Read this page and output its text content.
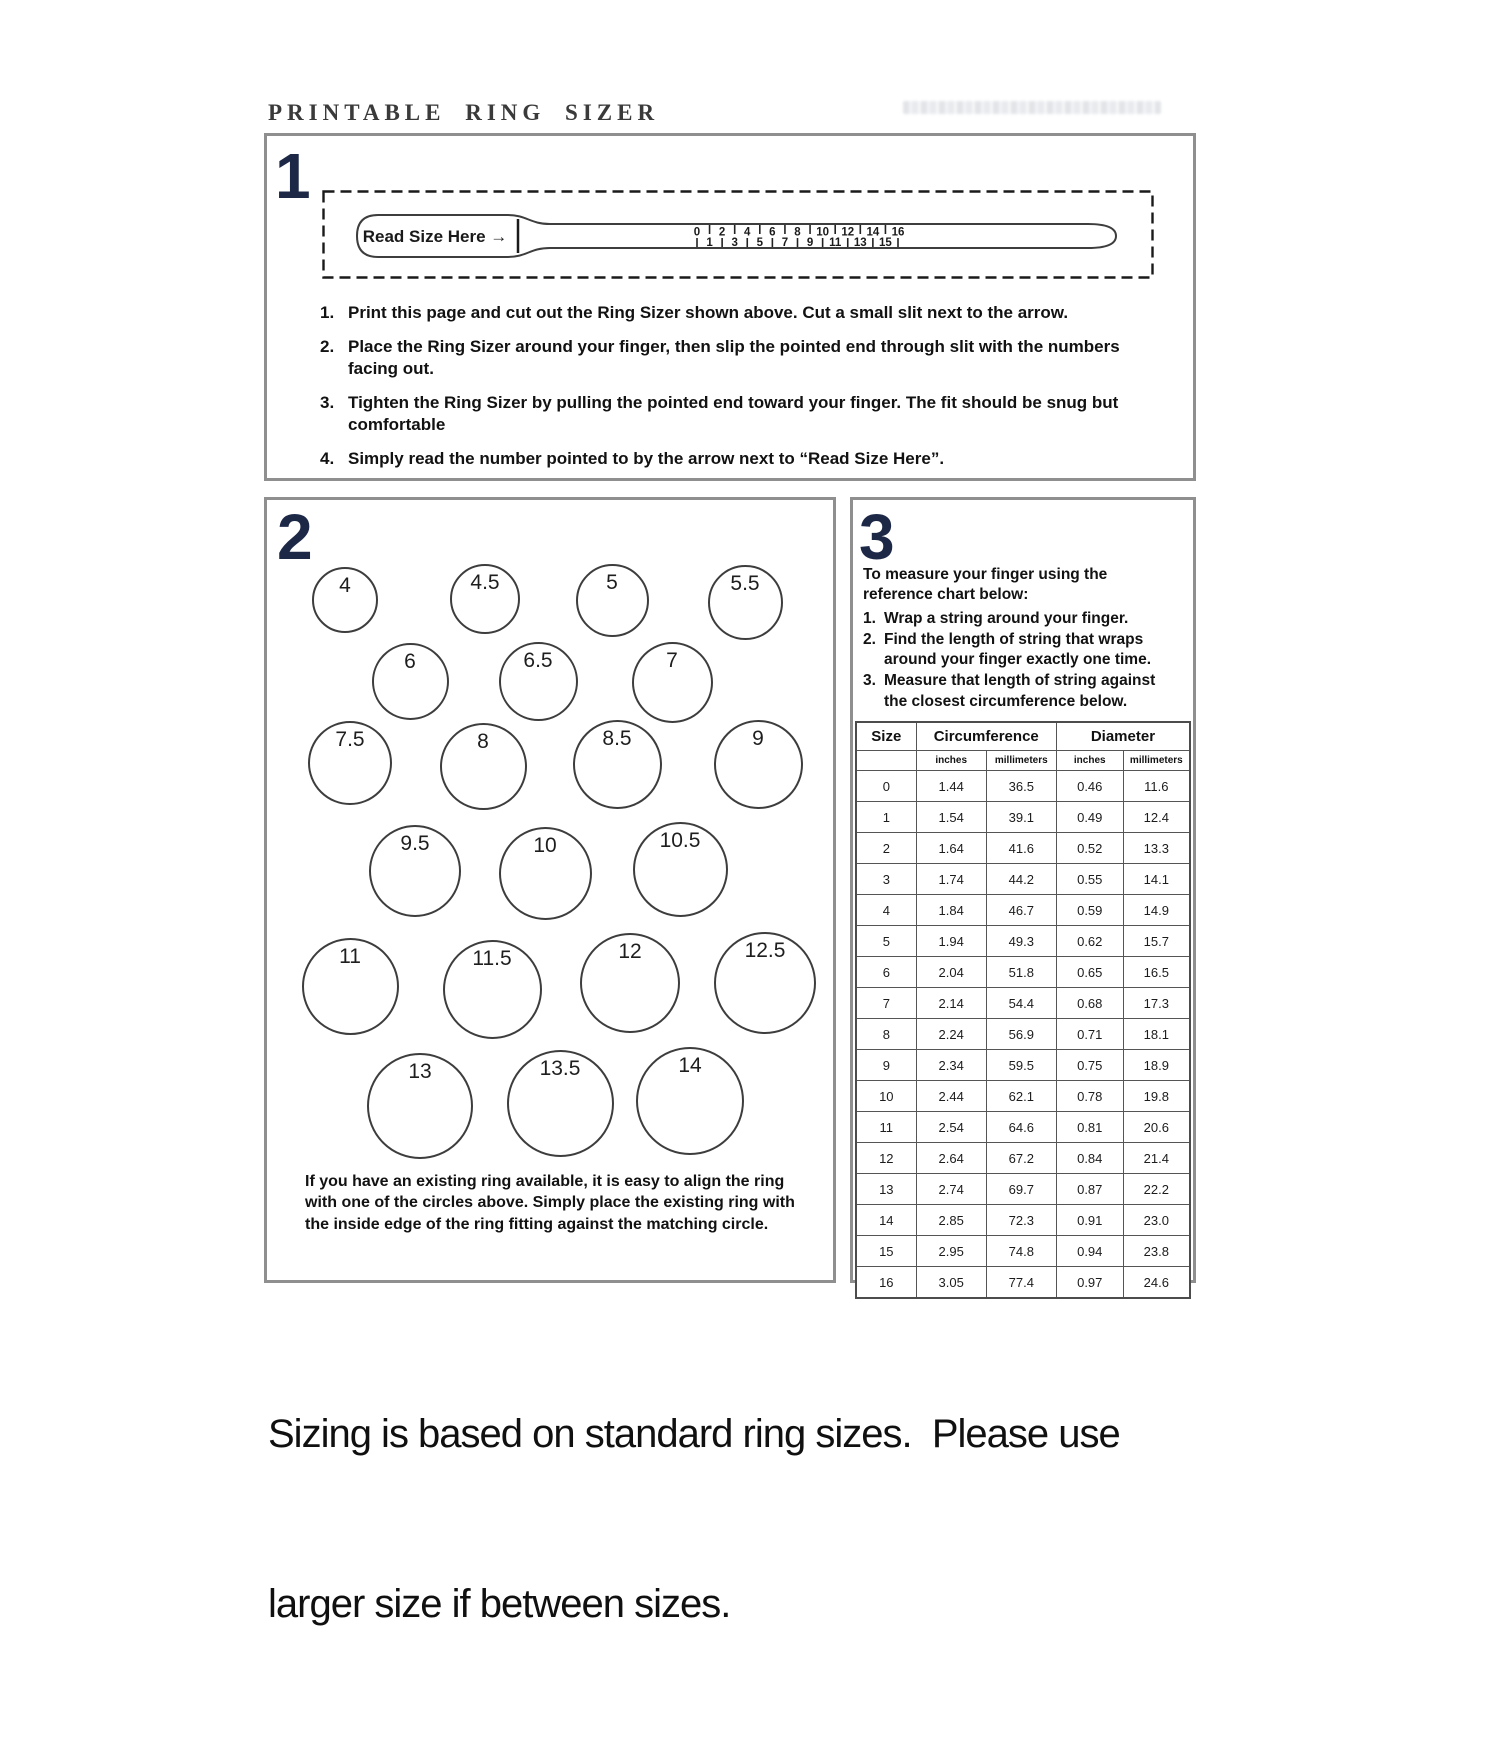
PRINTABLE RING SIZER
1
Read Size Here →	0
1
2
3
4
5
6
7
8
9
10
11
12
13
14
15
16
1. Print this page and cut out the Ring Sizer shown above. Cut a small slit next to the arrow.
2. Place the Ring Sizer around your finger, then slip the pointed end through slit with the numbers facing out.
3. Tighten the Ring Sizer by pulling the pointed end toward your finger. The fit should be snug but comfortable
4. Simply read the number pointed to by the arrow next to “Read Size Here”.
2
4	4.5	5	5.5
6	6.5	7
7.5	8	8.5	9
9.5	10	10.5
11	11.5	12	12.5
13	13.5	14
If you have an existing ring available, it is easy to align the ring with one of the circles above. Simply place the existing ring with the inside edge of the ring fitting against the matching circle.
3
To measure your finger using the reference chart below:
1. Wrap a string around your finger.
2. Find the length of string that wraps around your finger exactly one time.
3. Measure that length of string against the closest circumference below.
Size	Circumference		Diameter	
	inches	millimeters	inches	millimeters
0	1.44	36.5	0.46	11.6
1	1.54	39.1	0.49	12.4
2	1.64	41.6	0.52	13.3
3	1.74	44.2	0.55	14.1
4	1.84	46.7	0.59	14.9
5	1.94	49.3	0.62	15.7
6	2.04	51.8	0.65	16.5
7	2.14	54.4	0.68	17.3
8	2.24	56.9	0.71	18.1
9	2.34	59.5	0.75	18.9
10	2.44	62.1	0.78	19.8
11	2.54	64.6	0.81	20.6
12	2.64	67.2	0.84	21.4
13	2.74	69.7	0.87	22.2
14	2.85	72.3	0.91	23.0
15	2.95	74.8	0.94	23.8
16	3.05	77.4	0.97	24.6

Sizing is based on standard ring sizes.  Please use

larger size if between sizes.
